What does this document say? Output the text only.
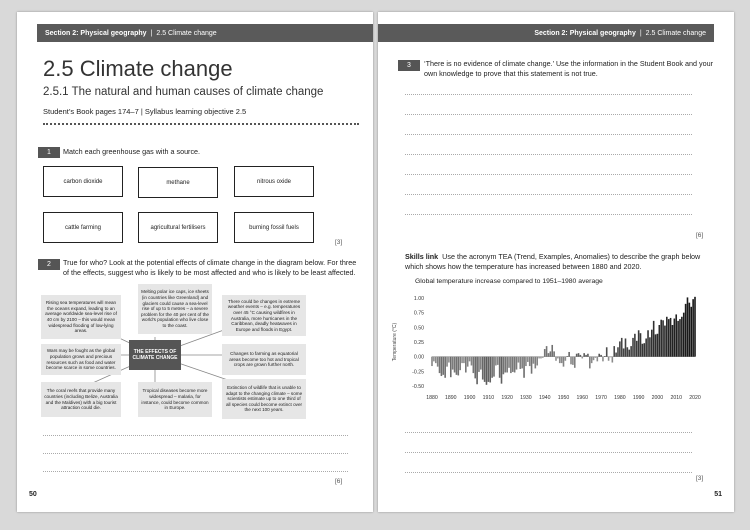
Section 2: Physical geography | 2.5 Climate change
2.5 Climate change
2.5.1 The natural and human causes of climate change
Student’s Book pages 174–7 | Syllabus learning objective 2.5
1	Match each greenhouse gas with a source.
carbon dioxide	methane	nitrous oxide
cattle farming	agricultural fertilisers	burning fossil fuels
[3]
2	True for who? Look at the potential effects of climate change in the diagram below. For three of the effects, suggest who is likely to be most affected and who is likely to be least affected.
Rising sea temperatures will mean the oceans expand, leading to an average worldwide sea-level rise of 40 cm by 2100 – this would mean widespread flooding of low-lying areas.
Melting polar ice caps, ice sheets (in countries like Greenland) and glaciers could cause a sea-level rise of up to 5 metres – a severe problem for the 40 per cent of the world’s population who live close to the coast.
There could be changes in extreme weather events – e.g. temperatures over 45 °C causing wildfires in Australia, more hurricanes in the Caribbean, deadly heatwaves in Europe and floods in Egypt.
Wars may be fought as the global population grows and precious resources such as food and water become scarce in some countries.
THE EFFECTS OF CLIMATE CHANGE
Changes to farming as equatorial areas become too hot and tropical crops are grown further north.
The coral reefs that provide many countries (including Belize, Australia and the Maldives) with a big tourist attraction could die.
Tropical diseases become more widespread – malaria, for instance, could become common in Europe.
Extinction of wildlife that is unable to adapt to the changing climate – some scientists estimate up to one third of all species could become extinct over the next 100 years.
[6]
50
Section 2: Physical geography | 2.5 Climate change
3	‘There is no evidence of climate change.’ Use the information in the Student Book and your own knowledge to prove that this statement is not true.
[6]
Skills link Use the acronym TEA (Trend, Examples, Anomalies) to describe the graph below which shows how the temperature has increased between 1880 and 2020.
Global temperature increase compared to 1951–1980 average
Temperature (°C)
1.00
0.75
0.50
0.25
0.00
-0.25
-0.50
1880 1890 1900 1910 1920 1930 1940 1950 1960 1970 1980 1990 2000 2010 2020
[3]
51
